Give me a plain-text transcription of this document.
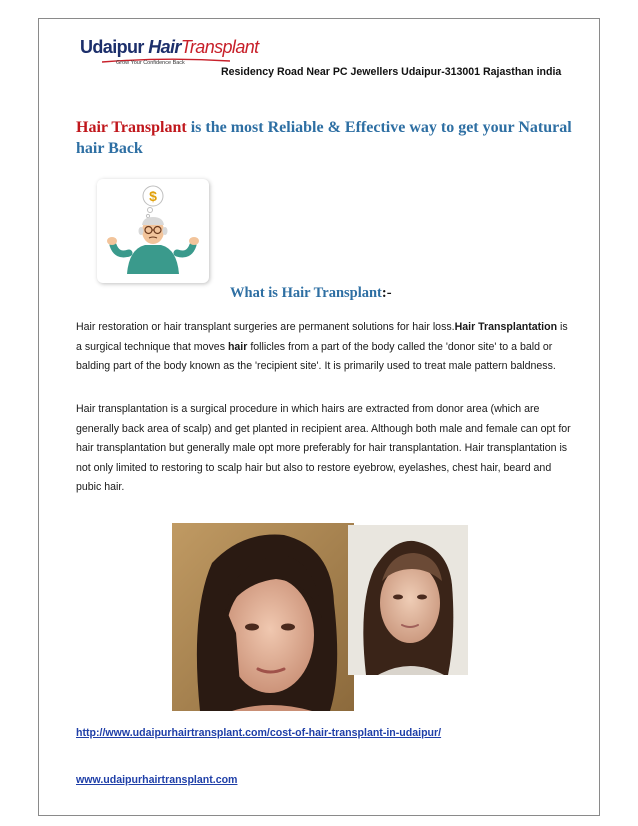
Udaipur HairTransplant
Grow Your Confidence Back
Residency Road Near PC Jewellers Udaipur-313001 Rajasthan india
Hair Transplant is the most Reliable & Effective way to get your Natural hair Back
$
What is Hair Transplant:-

Hair restoration or hair transplant surgeries are permanent solutions for hair loss.Hair Transplantation is a surgical technique that moves hair follicles from a part of the body called the 'donor site' to a bald or balding part of the body known as the 'recipient site'. It is primarily used to treat male pattern baldness.

Hair transplantation is a surgical procedure in which hairs are extracted from donor area (which are generally back area of scalp) and get planted in recipient area. Although both male and female can opt for hair transplantation but generally male opt more preferably for hair transplantation. Hair transplantation is not only limited to restoring to scalp hair but also to restore eyebrow, eyelashes, chest hair, beard and pubic hair.

http://www.udaipurhairtransplant.com/cost-of-hair-transplant-in-udaipur/
www.udaipurhairtransplant.com
